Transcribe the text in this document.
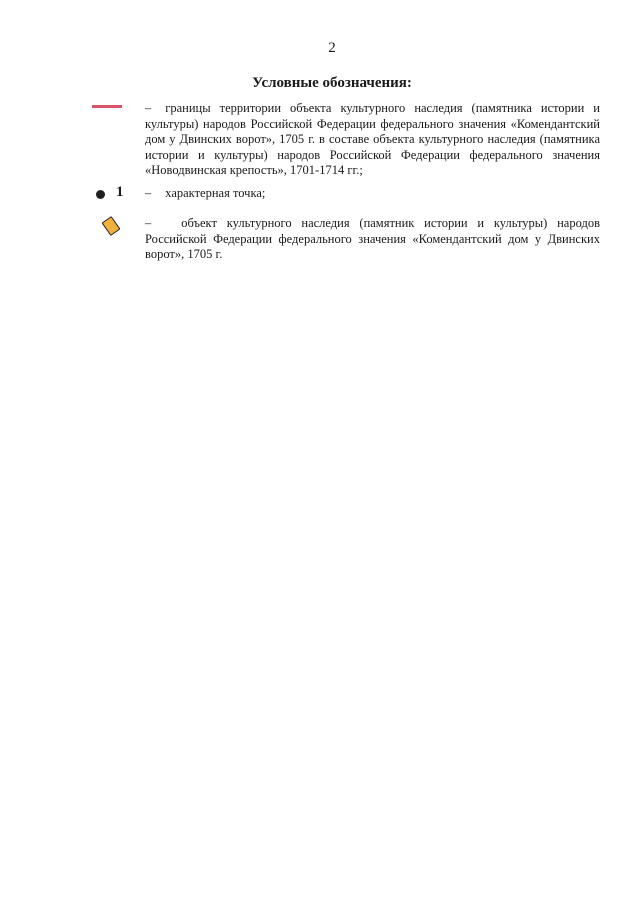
2
Условные обозначения:
– границы территории объекта культурного наследия (памятника истории и культуры) народов Российской Федерации федерального значения «Комендантский дом у Двинских ворот», 1705 г. в составе объекта культурного наследия (памятника истории и культуры) народов Российской Федерации федерального значения «Новодвинская крепость», 1701-1714 гг.;
1 – характерная точка;
– объект культурного наследия (памятник истории и культуры) народов Российской Федерации федерального значения «Комендантский дом у Двинских ворот», 1705 г.
